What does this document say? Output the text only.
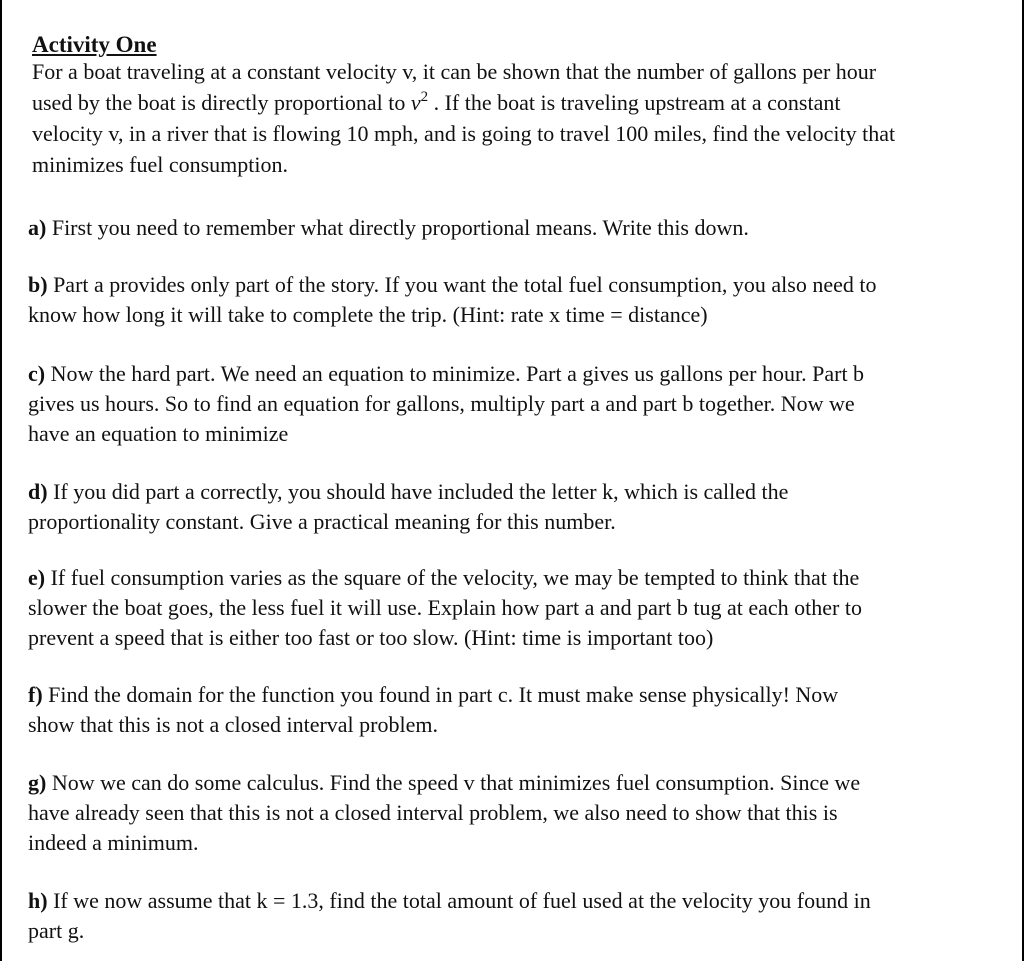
Activity One
For a boat traveling at a constant velocity v, it can be shown that the number of gallons per hour
used by the boat is directly proportional to $v^2$ . If the boat is traveling upstream at a constant
velocity v, in a river that is flowing 10 mph, and is going to travel 100 miles, find the velocity that
minimizes fuel consumption.
a) First you need to remember what directly proportional means. Write this down.
b) Part a provides only part of the story. If you want the total fuel consumption, you also need to
know how long it will take to complete the trip. (Hint: rate x time = distance)
c) Now the hard part. We need an equation to minimize. Part a gives us gallons per hour. Part b
gives us hours. So to find an equation for gallons, multiply part a and part b together. Now we
have an equation to minimize
d) If you did part a correctly, you should have included the letter k, which is called the
proportionality constant. Give a practical meaning for this number.
e) If fuel consumption varies as the square of the velocity, we may be tempted to think that the
slower the boat goes, the less fuel it will use. Explain how part a and part b tug at each other to
prevent a speed that is either too fast or too slow. (Hint: time is important too)
f) Find the domain for the function you found in part c. It must make sense physically! Now
show that this is not a closed interval problem.
g) Now we can do some calculus. Find the speed v that minimizes fuel consumption. Since we
have already seen that this is not a closed interval problem, we also need to show that this is
indeed a minimum.
h) If we now assume that k = 1.3, find the total amount of fuel used at the velocity you found in
part g.
